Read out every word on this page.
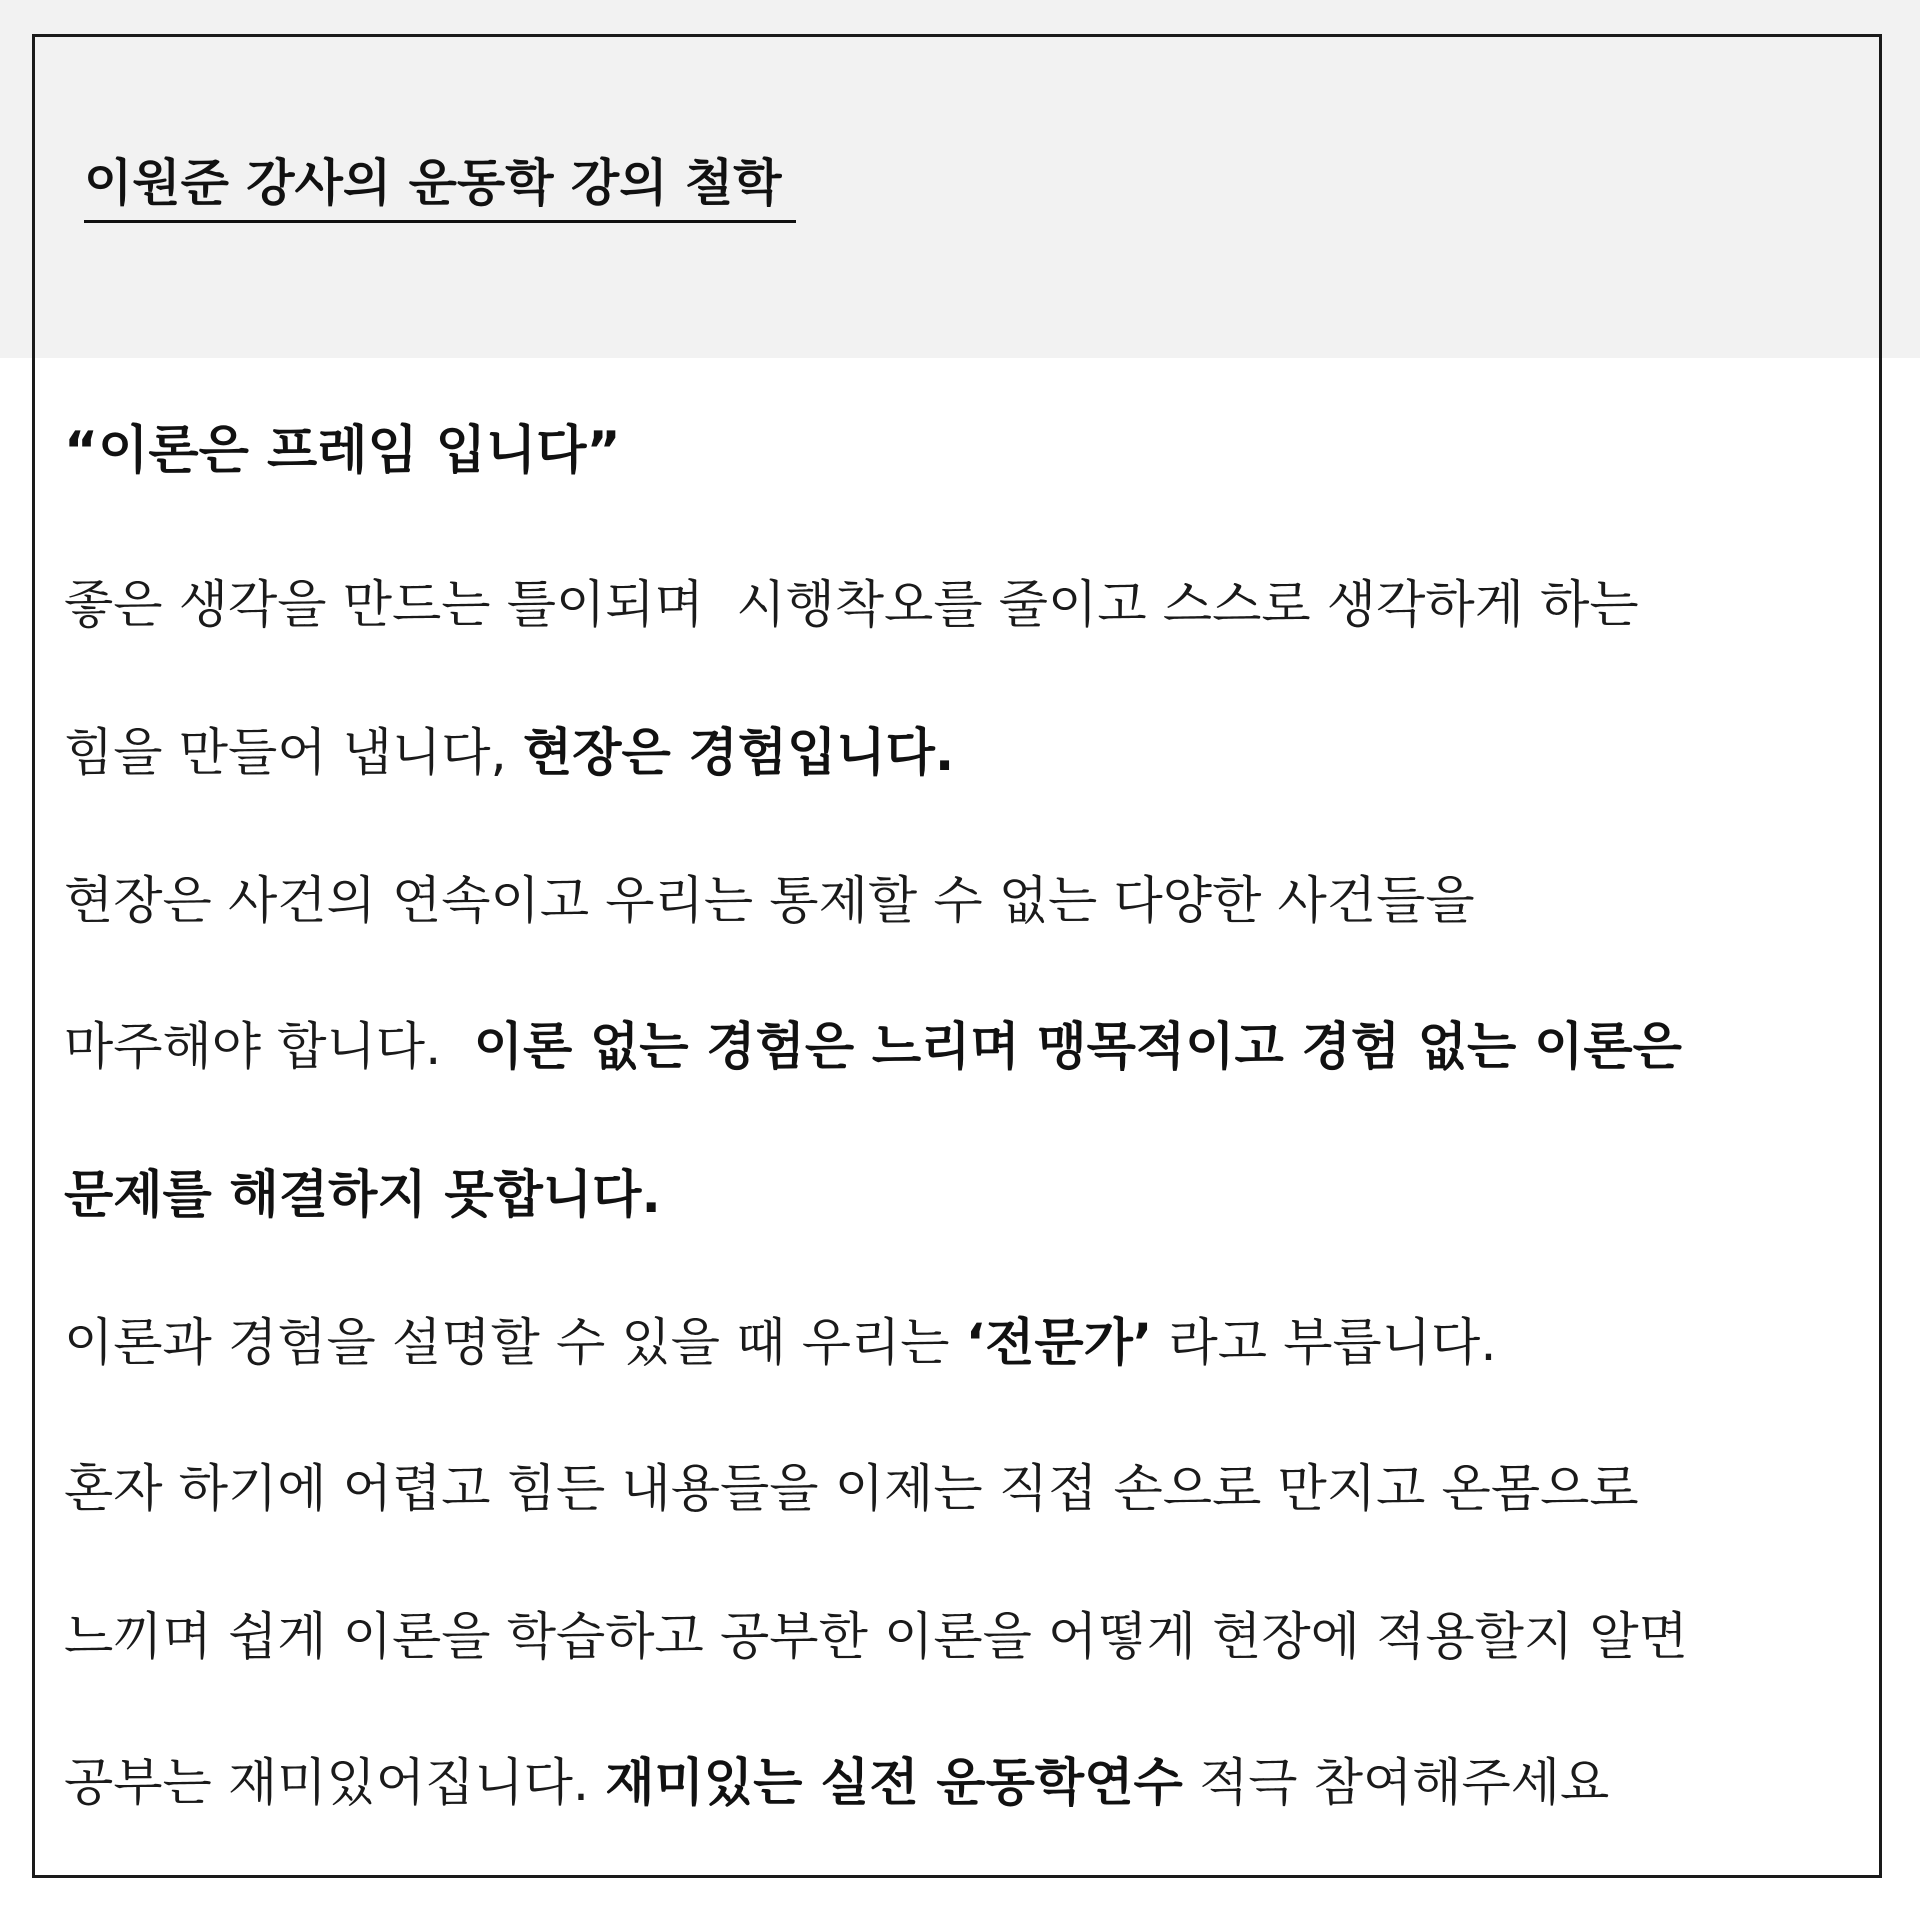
이원준 강사의 운동학 강의 철학
“이론은 프레임 입니다”

좋은 생각을 만드는 틀이되며  시행착오를 줄이고 스스로 생각하게 하는

힘을 만들어 냅니다, 현장은 경험입니다.

현장은 사건의 연속이고 우리는 통제할 수 없는 다양한 사건들을

마주해야 합니다.  이론 없는 경험은 느리며 맹목적이고 경험 없는 이론은

문제를 해결하지 못합니다.

이론과 경험을 설명할 수 있을 때 우리는 ‘전문가’ 라고 부릅니다.

혼자 하기에 어렵고 힘든 내용들을 이제는 직접 손으로 만지고 온몸으로

느끼며 쉽게 이론을 학습하고 공부한 이론을 어떻게 현장에 적용할지 알면

공부는 재미있어집니다. 재미있는 실전 운동학연수 적극 참여해주세요
